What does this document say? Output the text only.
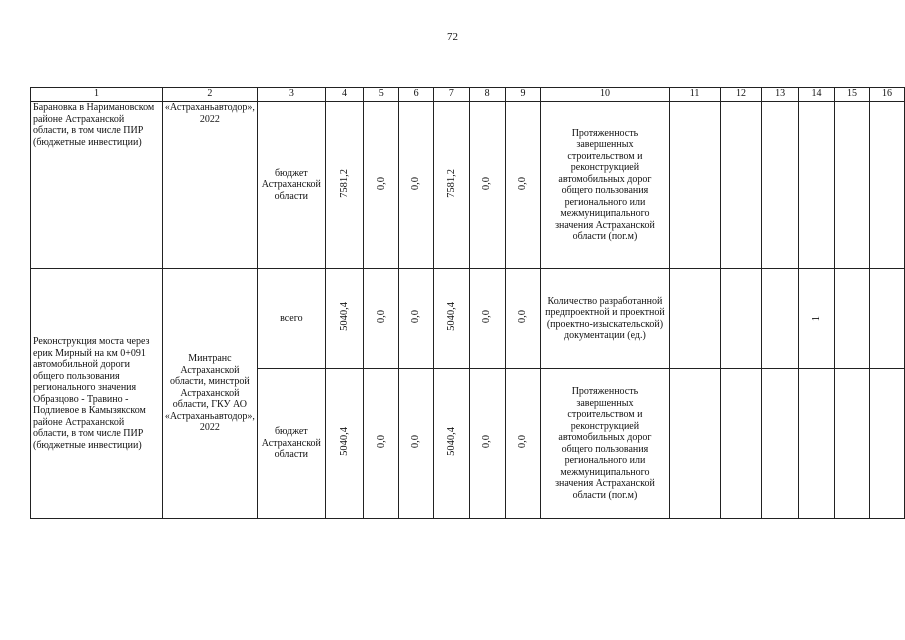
72
1	2	3	4	5	6	7	8	9	10	11	12	13	14	15	16
Барановка в Наримановском районе Астраханской области, в том числе ПИР (бюджетные инвестиции)	«Астраханьавтодор», 2022	бюджет Астраханской области	7581,2	0,0	0,0	7581,2	0,0	0,0	Протяженность завершенных строительством и реконструкцией автомобильных дорог общего пользования регионального или межмуниципального значения Астраханской области (пог.м)						
Реконструкция моста через ерик Мирный на км 0+091 автомобильной дороги общего пользования регионального значения Образцово - Травино - Подлиевое в Камызякском районе Астраханской области, в том числе ПИР (бюджетные инвестиции)	Минтранс Астраханской области, минстрой Астраханской области, ГКУ АО «Астраханьавтодор», 2022	всего	5040,4	0,0	0,0	5040,4	0,0	0,0	Количество разработанной предпроектной и проектной (проектно-изыскательской) документации (ед.)				1		
		бюджет Астраханской области	5040,4	0,0	0,0	5040,4	0,0	0,0	Протяженность завершенных строительством и реконструкцией автомобильных дорог общего пользования регионального или межмуниципального значения Астраханской области (пог.м)						
